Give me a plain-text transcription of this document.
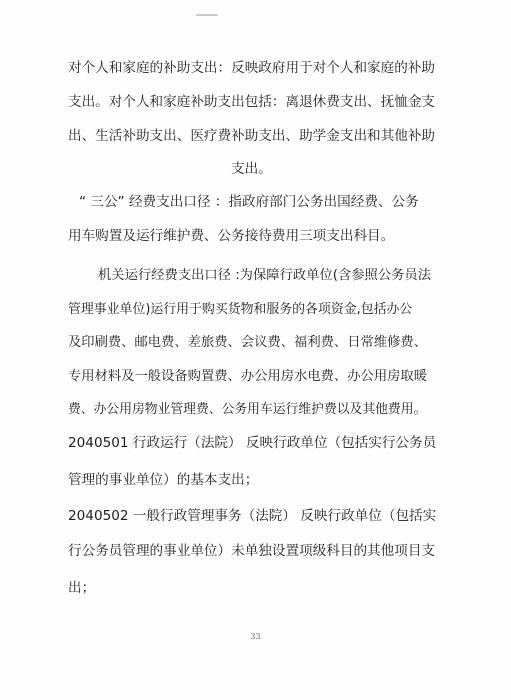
对个人和家庭的补助支出：反映政府用于对个人和家庭的补助
支出。对个人和家庭补助支出包括：离退休费支出、抚恤金支
出、生活补助支出、医疗费补助支出、助学金支出和其他补助
支出。
“ 三公” 经费支出口径 ：指政府部门公务出国经费、公务
用车购置及运行维护费、公务接待费用三项支出科目。
机关运行经费支出口径 :为保障行政单位(含参照公务员法
管理事业单位)运行用于购买货物和服务的各项资金,包括办公
及印刷费、邮电费、差旅费、会议费、福利费、日常维修费、
专用材料及一般设备购置费、办公用房水电费、办公用房取暖
费、办公用房物业管理费、公务用车运行维护费以及其他费用。
2040501 行政运行（法院） 反映行政单位（包括实行公务员
管理的事业单位）的基本支出；
2040502 一般行政管理事务（法院） 反映行政单位（包括实
行公务员管理的事业单位）未单独设置项级科目的其他项目支
出；
33
